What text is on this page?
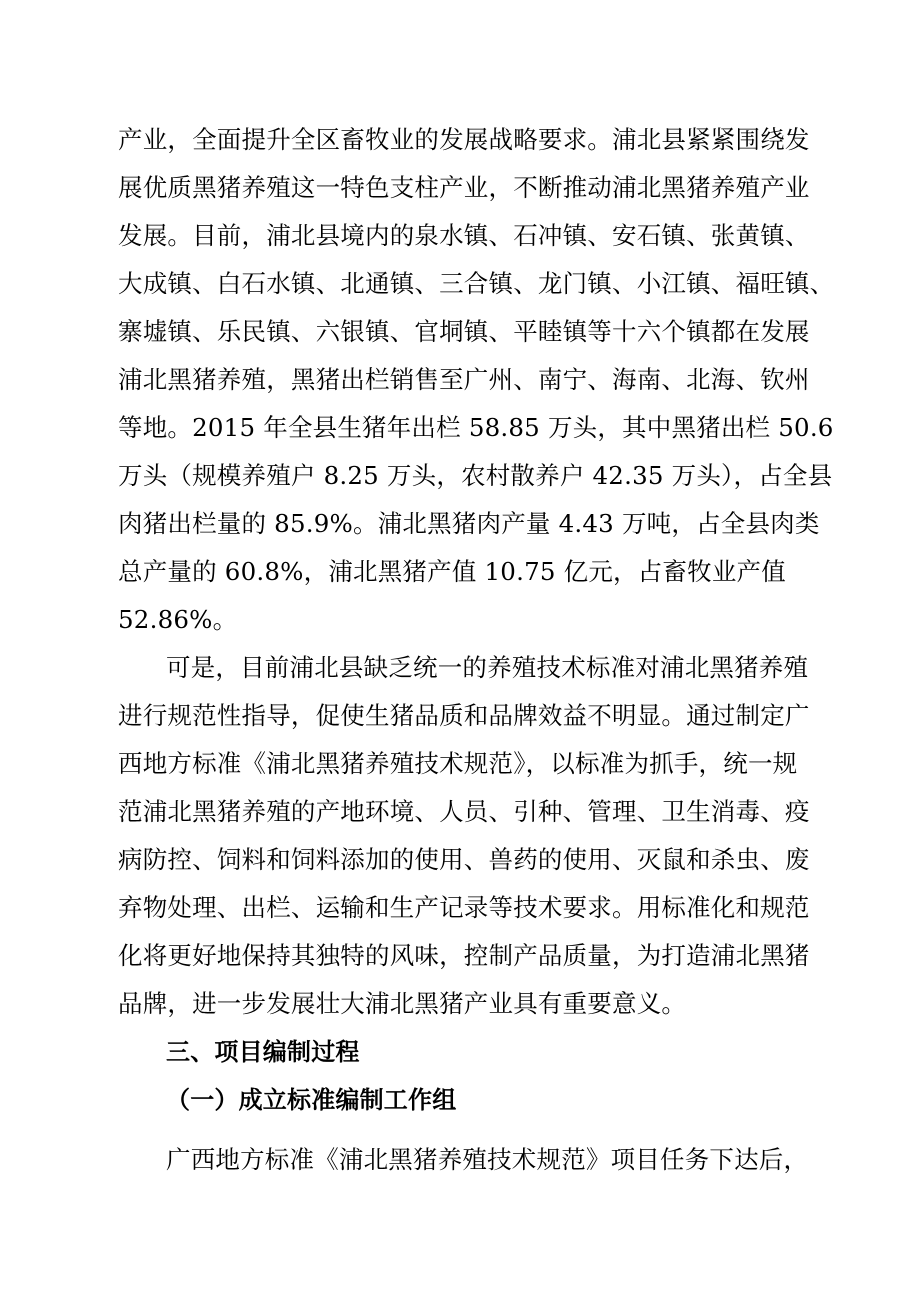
产业，全面提升全区畜牧业的发展战略要求。浦北县紧紧围绕发
展优质黑猪养殖这一特色支柱产业，不断推动浦北黑猪养殖产业
发展。目前，浦北县境内的泉水镇、石冲镇、安石镇、张黄镇、
大成镇、白石水镇、北通镇、三合镇、龙门镇、小江镇、福旺镇、
寨墟镇、乐民镇、六银镇、官垌镇、平睦镇等十六个镇都在发展
浦北黑猪养殖，黑猪出栏销售至广州、南宁、海南、北海、钦州
等地。2015 年全县生猪年出栏 58.85 万头，其中黑猪出栏 50.6
万头（规模养殖户 8.25 万头，农村散养户 42.35 万头），占全县
肉猪出栏量的 85.9%。浦北黑猪肉产量 4.43 万吨，占全县肉类
总产量的 60.8%，浦北黑猪产值 10.75 亿元，占畜牧业产值
52.86%。
可是，目前浦北县缺乏统一的养殖技术标准对浦北黑猪养殖
进行规范性指导，促使生猪品质和品牌效益不明显。通过制定广
西地方标准《浦北黑猪养殖技术规范》，以标准为抓手，统一规
范浦北黑猪养殖的产地环境、人员、引种、管理、卫生消毒、疫
病防控、饲料和饲料添加的使用、兽药的使用、灭鼠和杀虫、废
弃物处理、出栏、运输和生产记录等技术要求。用标准化和规范
化将更好地保持其独特的风味，控制产品质量，为打造浦北黑猪
品牌，进一步发展壮大浦北黑猪产业具有重要意义。
三、项目编制过程
（一）成立标准编制工作组
广西地方标准《浦北黑猪养殖技术规范》项目任务下达后，
